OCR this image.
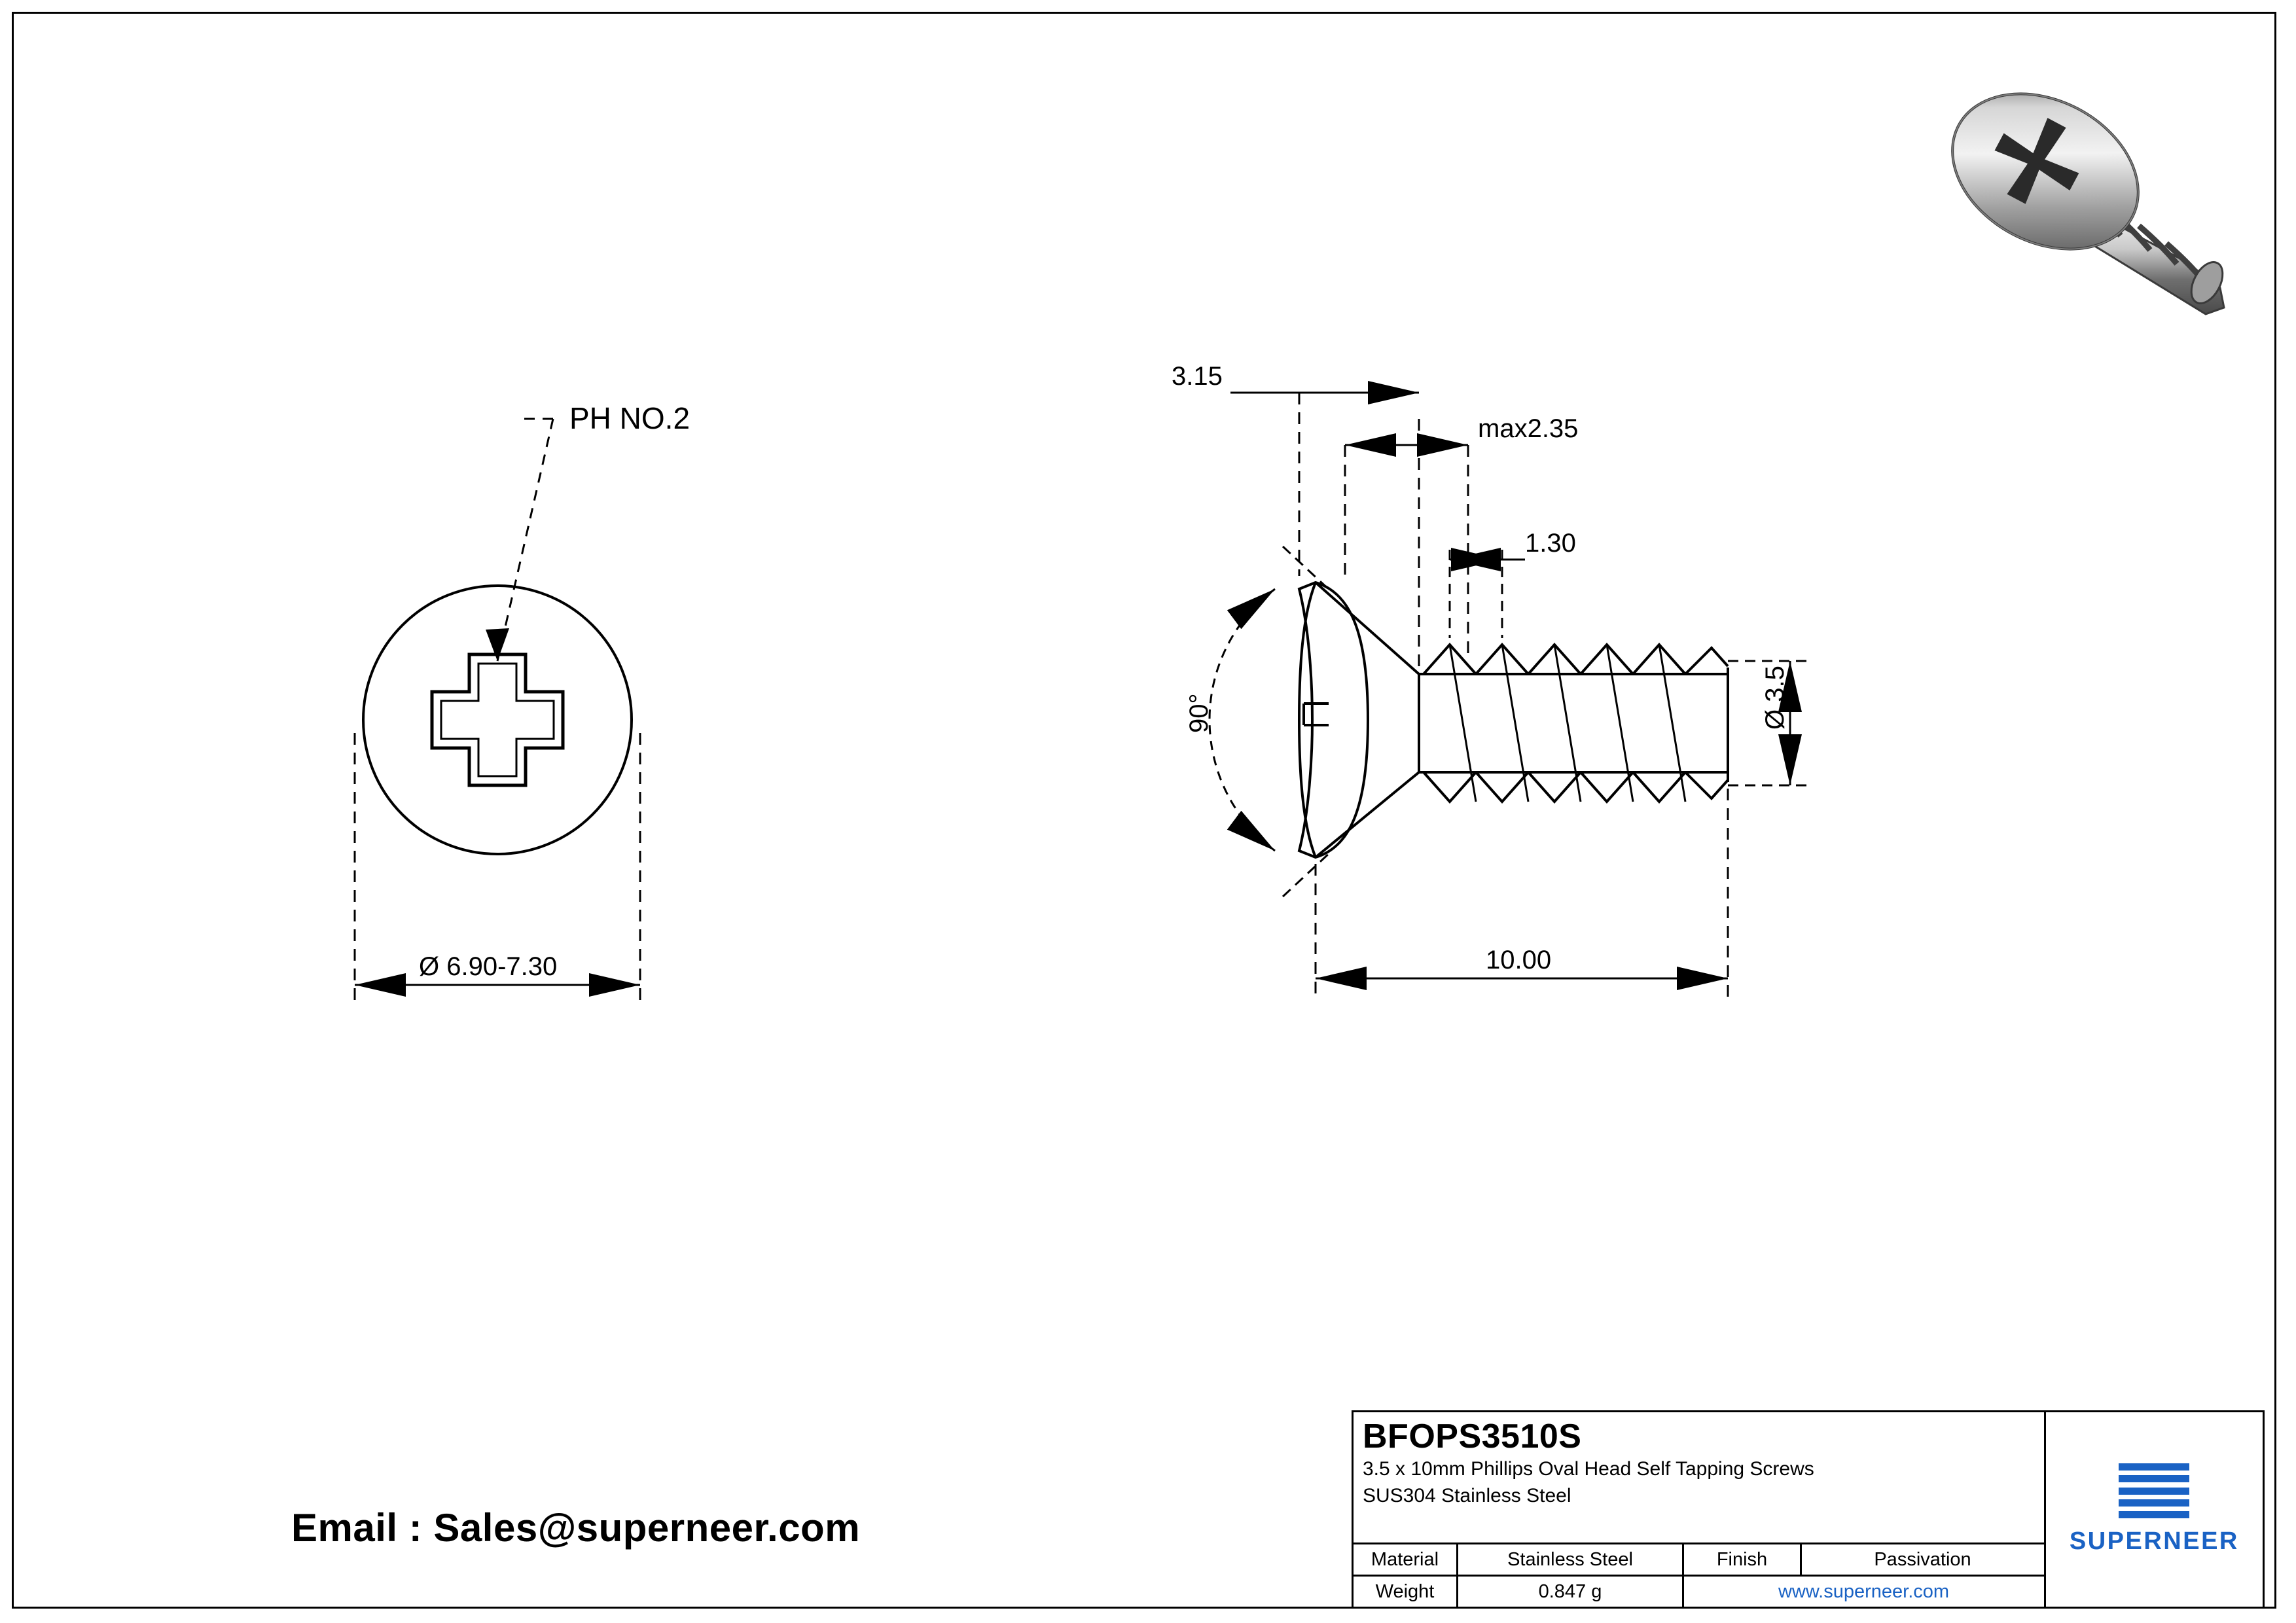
PH NO.2
Ø 6.90-7.30
90°
3.15
max2.35
1.30
Ø 3.5
10.00
Email : Sales@superneer.com
BFOPS3510S
3.5 x 10mm Phillips Oval Head Self Tapping Screws
SUS304 Stainless Steel
Material	Stainless Steel	Finish	Passivation
Weight	0.847 g	www.superneer.com
SUPERNEER
